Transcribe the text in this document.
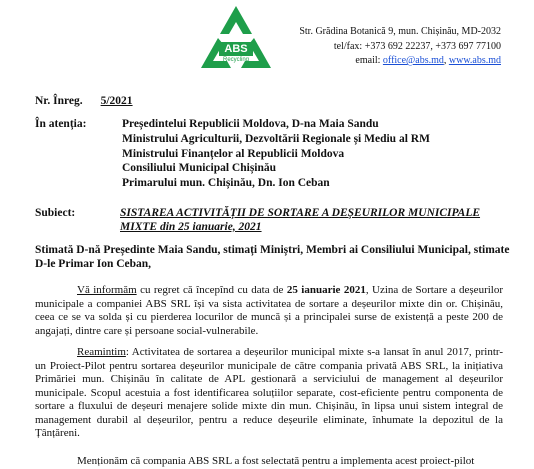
ABS
Recycling
Str. Grădina Botanică 9, mun. Chișinău, MD-2032
tel/fax: +373 692 22237, +373 697 77100
email: office@abs.md, www.abs.md
Nr. Înreg. 5/2021
În atenția:	Președintelui Republicii Moldova, D-na Maia Sandu
Ministrului Agriculturii, Dezvoltării Regionale și Mediu al RM
Ministrului Finanțelor al Republicii Moldova
Consiliului Municipal Chișinău
Primarului mun. Chișinău, Dn. Ion Ceban
Subiect:	SISTAREA ACTIVITĂȚII DE SORTARE A DEȘEURILOR MUNICIPALE MIXTE din 25 ianuarie, 2021
Stimată D-nă Președinte Maia Sandu, stimați Miniștri, Membri ai Consiliului Municipal, stimate D-le Primar Ion Ceban,
Vă informăm cu regret că începînd cu data de 25 ianuarie 2021, Uzina de Sortare a deșeurilor municipale a companiei ABS SRL își va sista activitatea de sortare a deșeurilor mixte din or. Chișinău, ceea ce se va solda și cu pierderea locurilor de muncă și a principalei surse de existență a peste 200 de angajați, dintre care și persoane social-vulnerabile.
Reamintim: Activitatea de sortarea a deșeurilor municipal mixte s-a lansat în anul 2017, printr-un Proiect-Pilot pentru sortarea deșeurilor municipale de către compania privată ABS SRL, la inițiativa Primăriei mun. Chișinău în calitate de APL gestionară a serviciului de management al deșeurilor municipale. Scopul acestuia a fost identificarea soluțiilor separate, cost-eficiente pentru componenta de sortare a fluxului de deșeuri menajere solide mixte din mun. Chișinău, în lipsa unui sistem integral de management durabil al deșeurilor, pentru a reduce deșeurile eliminate, înhumate la depozitul de la Țânțăreni.
Menționăm că compania ABS SRL a fost selectată pentru a implementa acest proiect-pilot
